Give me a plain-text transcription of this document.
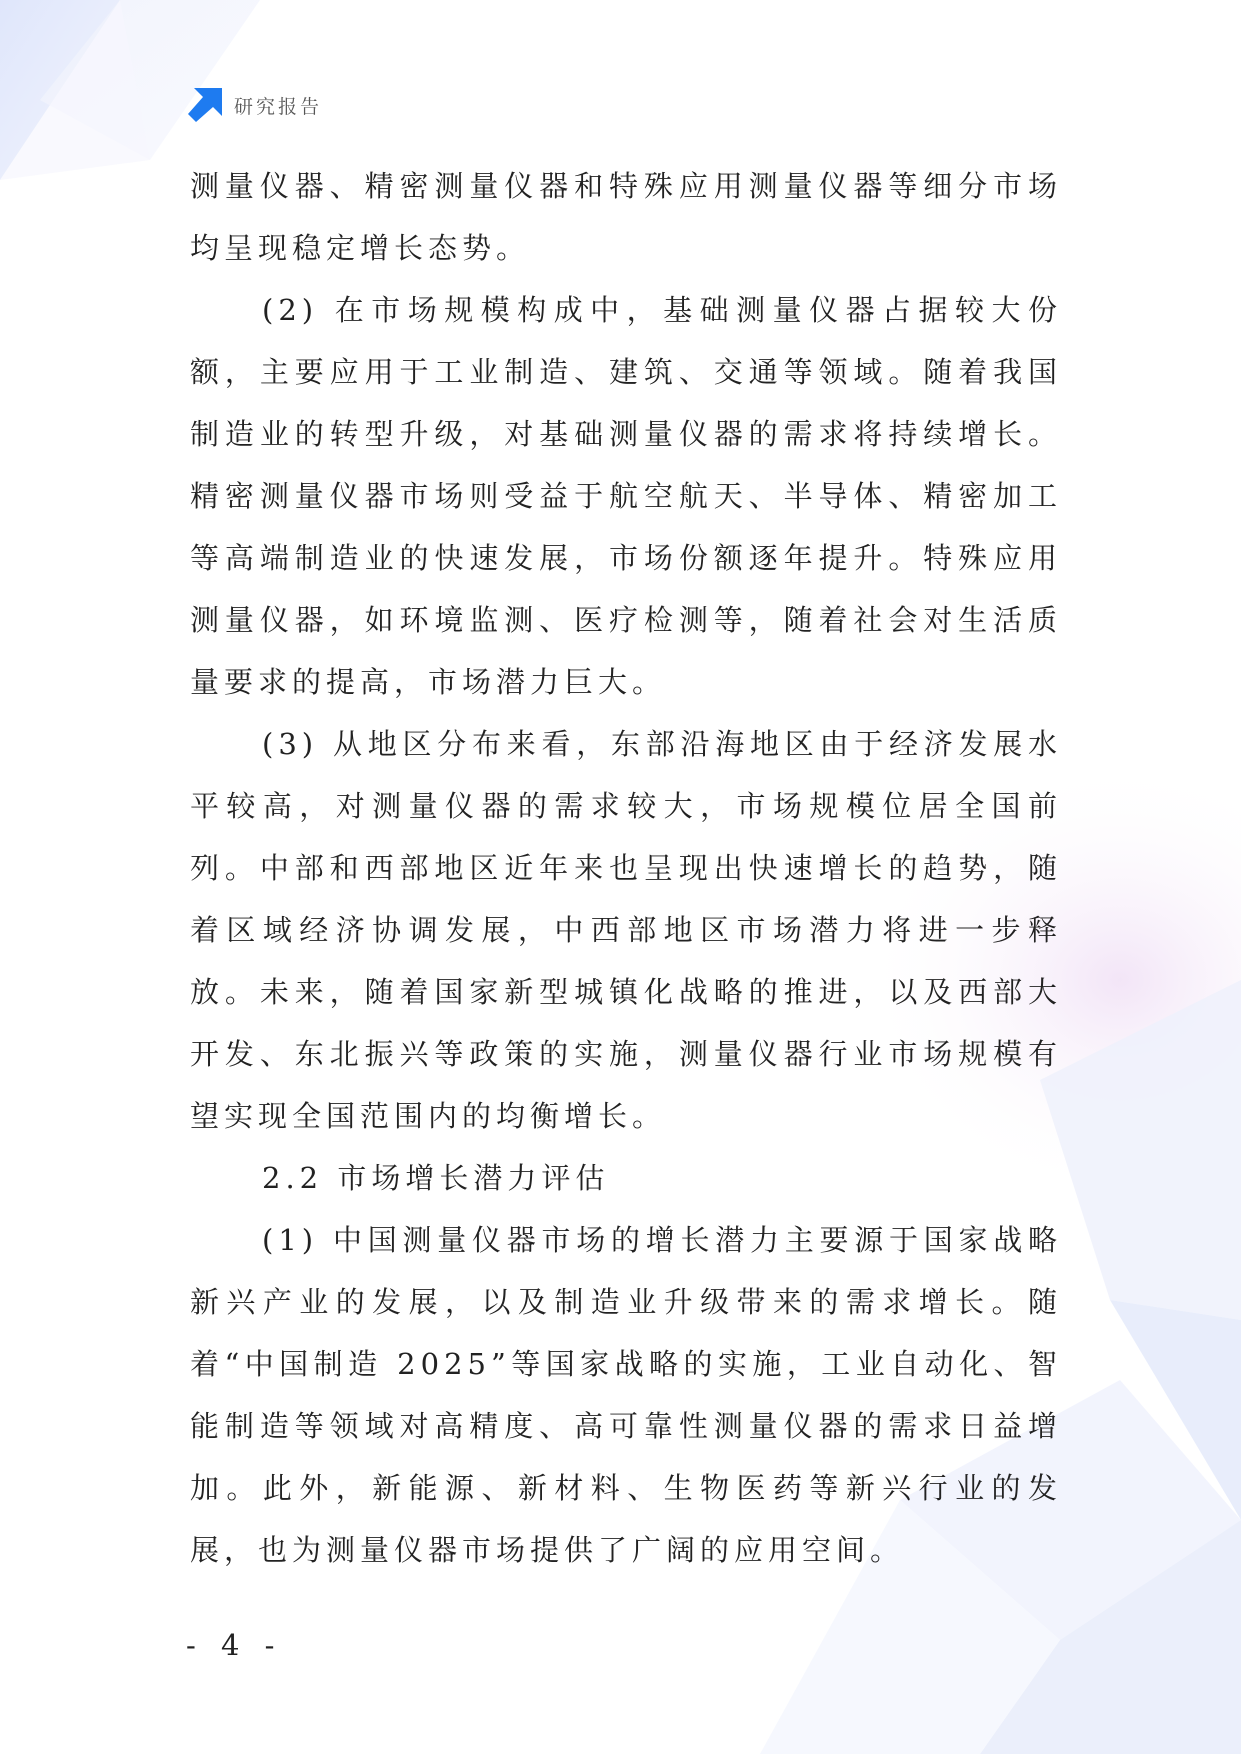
研究报告

测量仪器、精密测量仪器和特殊应用测量仪器等细分市场均呈现稳定增长态势。

(2) 在市场规模构成中，基础测量仪器占据较大份额，主要应用于工业制造、建筑、交通等领域。随着我国制造业的转型升级，对基础测量仪器的需求将持续增长。精密测量仪器市场则受益于航空航天、半导体、精密加工等高端制造业的快速发展，市场份额逐年提升。特殊应用测量仪器，如环境监测、医疗检测等，随着社会对生活质量要求的提高，市场潜力巨大。

(3) 从地区分布来看，东部沿海地区由于经济发展水平较高，对测量仪器的需求较大，市场规模位居全国前列。中部和西部地区近年来也呈现出快速增长的趋势，随着区域经济协调发展，中西部地区市场潜力将进一步释放。未来，随着国家新型城镇化战略的推进，以及西部大开发、东北振兴等政策的实施，测量仪器行业市场规模有望实现全国范围内的均衡增长。

2.2 市场增长潜力评估

(1) 中国测量仪器市场的增长潜力主要源于国家战略新兴产业的发展，以及制造业升级带来的需求增长。随着“中国制造 2025”等国家战略的实施，工业自动化、智能制造等领域对高精度、高可靠性测量仪器的需求日益增加。此外，新能源、新材料、生物医药等新兴行业的发展，也为测量仪器市场提供了广阔的应用空间。

- 4 -
